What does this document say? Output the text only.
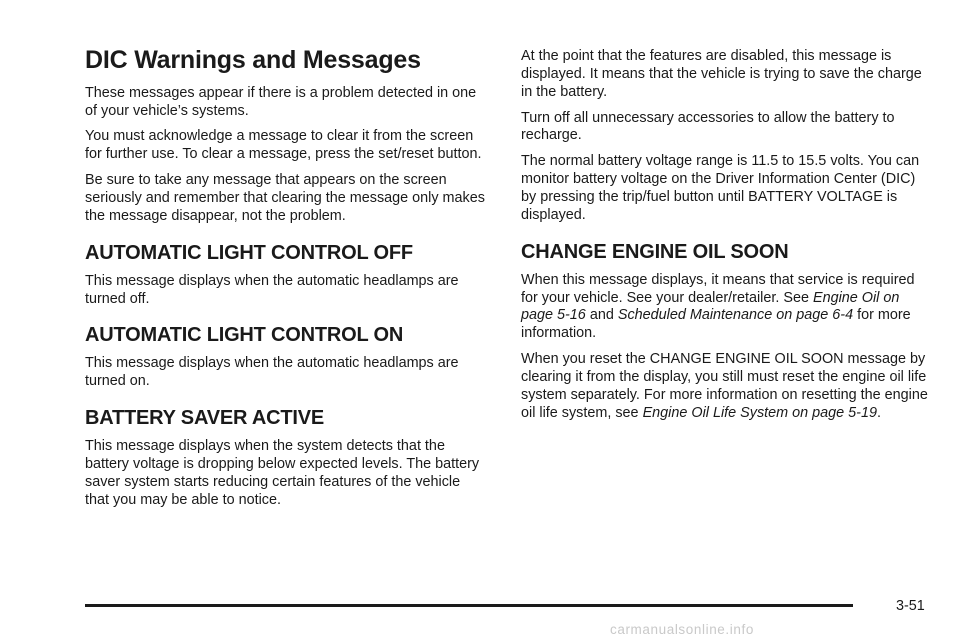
DIC Warnings and Messages

These messages appear if there is a problem detected in one of your vehicle’s systems.

You must acknowledge a message to clear it from the screen for further use. To clear a message, press the set/reset button.

Be sure to take any message that appears on the screen seriously and remember that clearing the message only makes the message disappear, not the problem.

AUTOMATIC LIGHT CONTROL OFF

This message displays when the automatic headlamps are turned off.

AUTOMATIC LIGHT CONTROL ON

This message displays when the automatic headlamps are turned on.

BATTERY SAVER ACTIVE

This message displays when the system detects that the battery voltage is dropping below expected levels. The battery saver system starts reducing certain features of the vehicle that you may be able to notice.

At the point that the features are disabled, this message is displayed. It means that the vehicle is trying to save the charge in the battery.

Turn off all unnecessary accessories to allow the battery to recharge.

The normal battery voltage range is 11.5 to 15.5 volts. You can monitor battery voltage on the Driver Information Center (DIC) by pressing the trip/fuel button until BATTERY VOLTAGE is displayed.

CHANGE ENGINE OIL SOON

When this message displays, it means that service is required for your vehicle. See your dealer/retailer. See Engine Oil on page 5-16 and Scheduled Maintenance on page 6-4 for more information.

When you reset the CHANGE ENGINE OIL SOON message by clearing it from the display, you still must reset the engine oil life system separately. For more information on resetting the engine oil life system, see Engine Oil Life System on page 5-19.

3-51
carmanualsonline.info
